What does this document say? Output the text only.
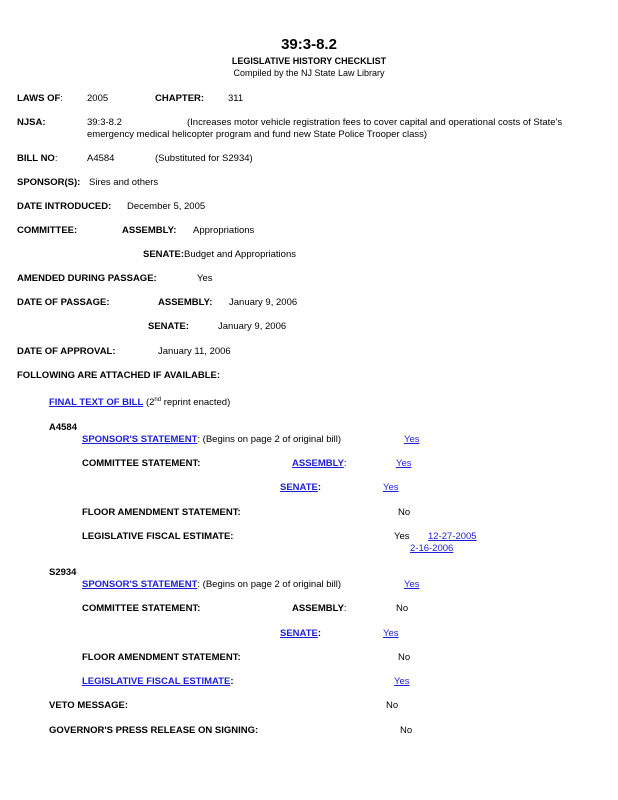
39:3-8.2
LEGISLATIVE HISTORY CHECKLIST
Compiled by the NJ State Law Library
LAWS OF:	2005	CHAPTER:	311
NJSA:	39:3-8.2	(Increases motor vehicle registration fees to cover capital and operational costs of State's
emergency medical helicopter program and fund new State Police Trooper class)
BILL NO:	A4584	(Substituted for S2934)
SPONSOR(S): Sires and others
DATE INTRODUCED: December 5, 2005
COMMITTEE:	ASSEMBLY: Appropriations
SENATE: Budget and Appropriations
AMENDED DURING PASSAGE:	Yes
DATE OF PASSAGE:	ASSEMBLY: January 9, 2006
SENATE:	January 9, 2006
DATE OF APPROVAL:	January 11, 2006
FOLLOWING ARE ATTACHED IF AVAILABLE:
FINAL TEXT OF BILL (2nd reprint enacted)
A4584
SPONSOR'S STATEMENT: (Begins on page 2 of original bill)	Yes
COMMITTEE STATEMENT:	ASSEMBLY:	Yes
SENATE:	Yes
FLOOR AMENDMENT STATEMENT:	No
LEGISLATIVE FISCAL ESTIMATE:	Yes 12-27-2005
2-16-2006
S2934
SPONSOR'S STATEMENT: (Begins on page 2 of original bill)	Yes
COMMITTEE STATEMENT:	ASSEMBLY:	No
SENATE:	Yes
FLOOR AMENDMENT STATEMENT:	No
LEGISLATIVE FISCAL ESTIMATE:	Yes
VETO MESSAGE:	No
GOVERNOR'S PRESS RELEASE ON SIGNING:	No
